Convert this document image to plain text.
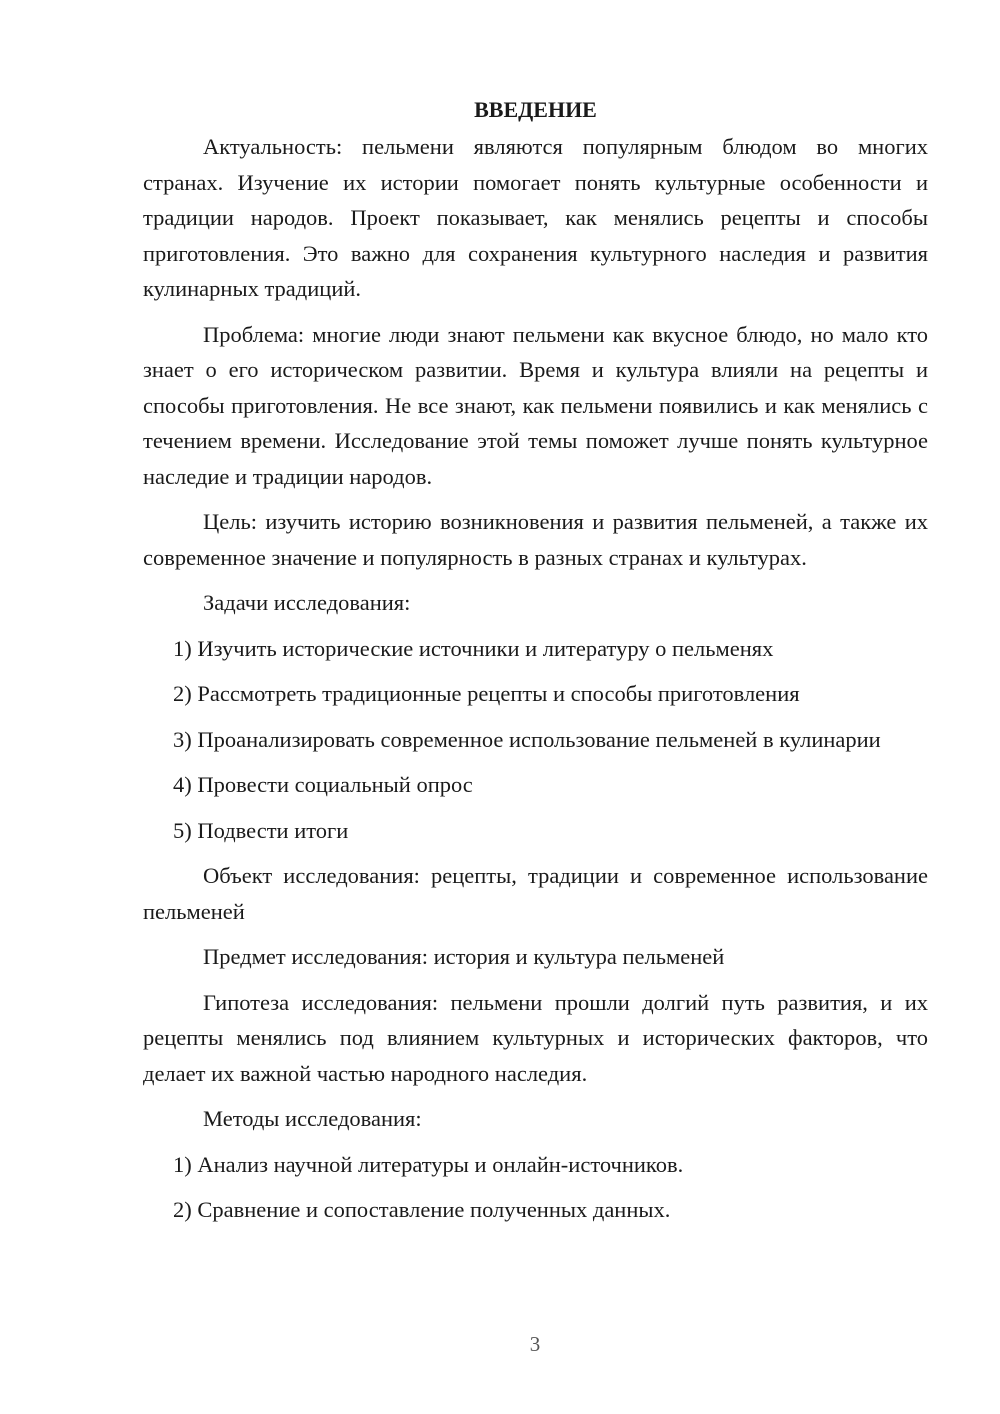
ВВЕДЕНИЕ

Актуальность: пельмени являются популярным блюдом во многих странах. Изучение их истории помогает понять культурные особенности и традиции народов. Проект показывает, как менялись рецепты и способы приготовления. Это важно для сохранения культурного наследия и развития кулинарных традиций.

Проблема: многие люди знают пельмени как вкусное блюдо, но мало кто знает о его историческом развитии. Время и культура влияли на рецепты и способы приготовления. Не все знают, как пельмени появились и как менялись с течением времени. Исследование этой темы поможет лучше понять культурное наследие и традиции народов.

Цель: изучить историю возникновения и развития пельменей, а также их современное значение и популярность в разных странах и культурах.

Задачи исследования:

1) Изучить исторические источники и литературу о пельменях

2) Рассмотреть традиционные рецепты и способы приготовления

3) Проанализировать современное использование пельменей в кулинарии

4) Провести социальный опрос

5) Подвести итоги

Объект исследования: рецепты, традиции и современное использование пельменей

Предмет исследования: история и культура пельменей

Гипотеза исследования: пельмени прошли долгий путь развития, и их рецепты менялись под влиянием культурных и исторических факторов, что делает их важной частью народного наследия.

Методы исследования:

1) Анализ научной литературы и онлайн-источников.

2) Сравнение и сопоставление полученных данных.

3
